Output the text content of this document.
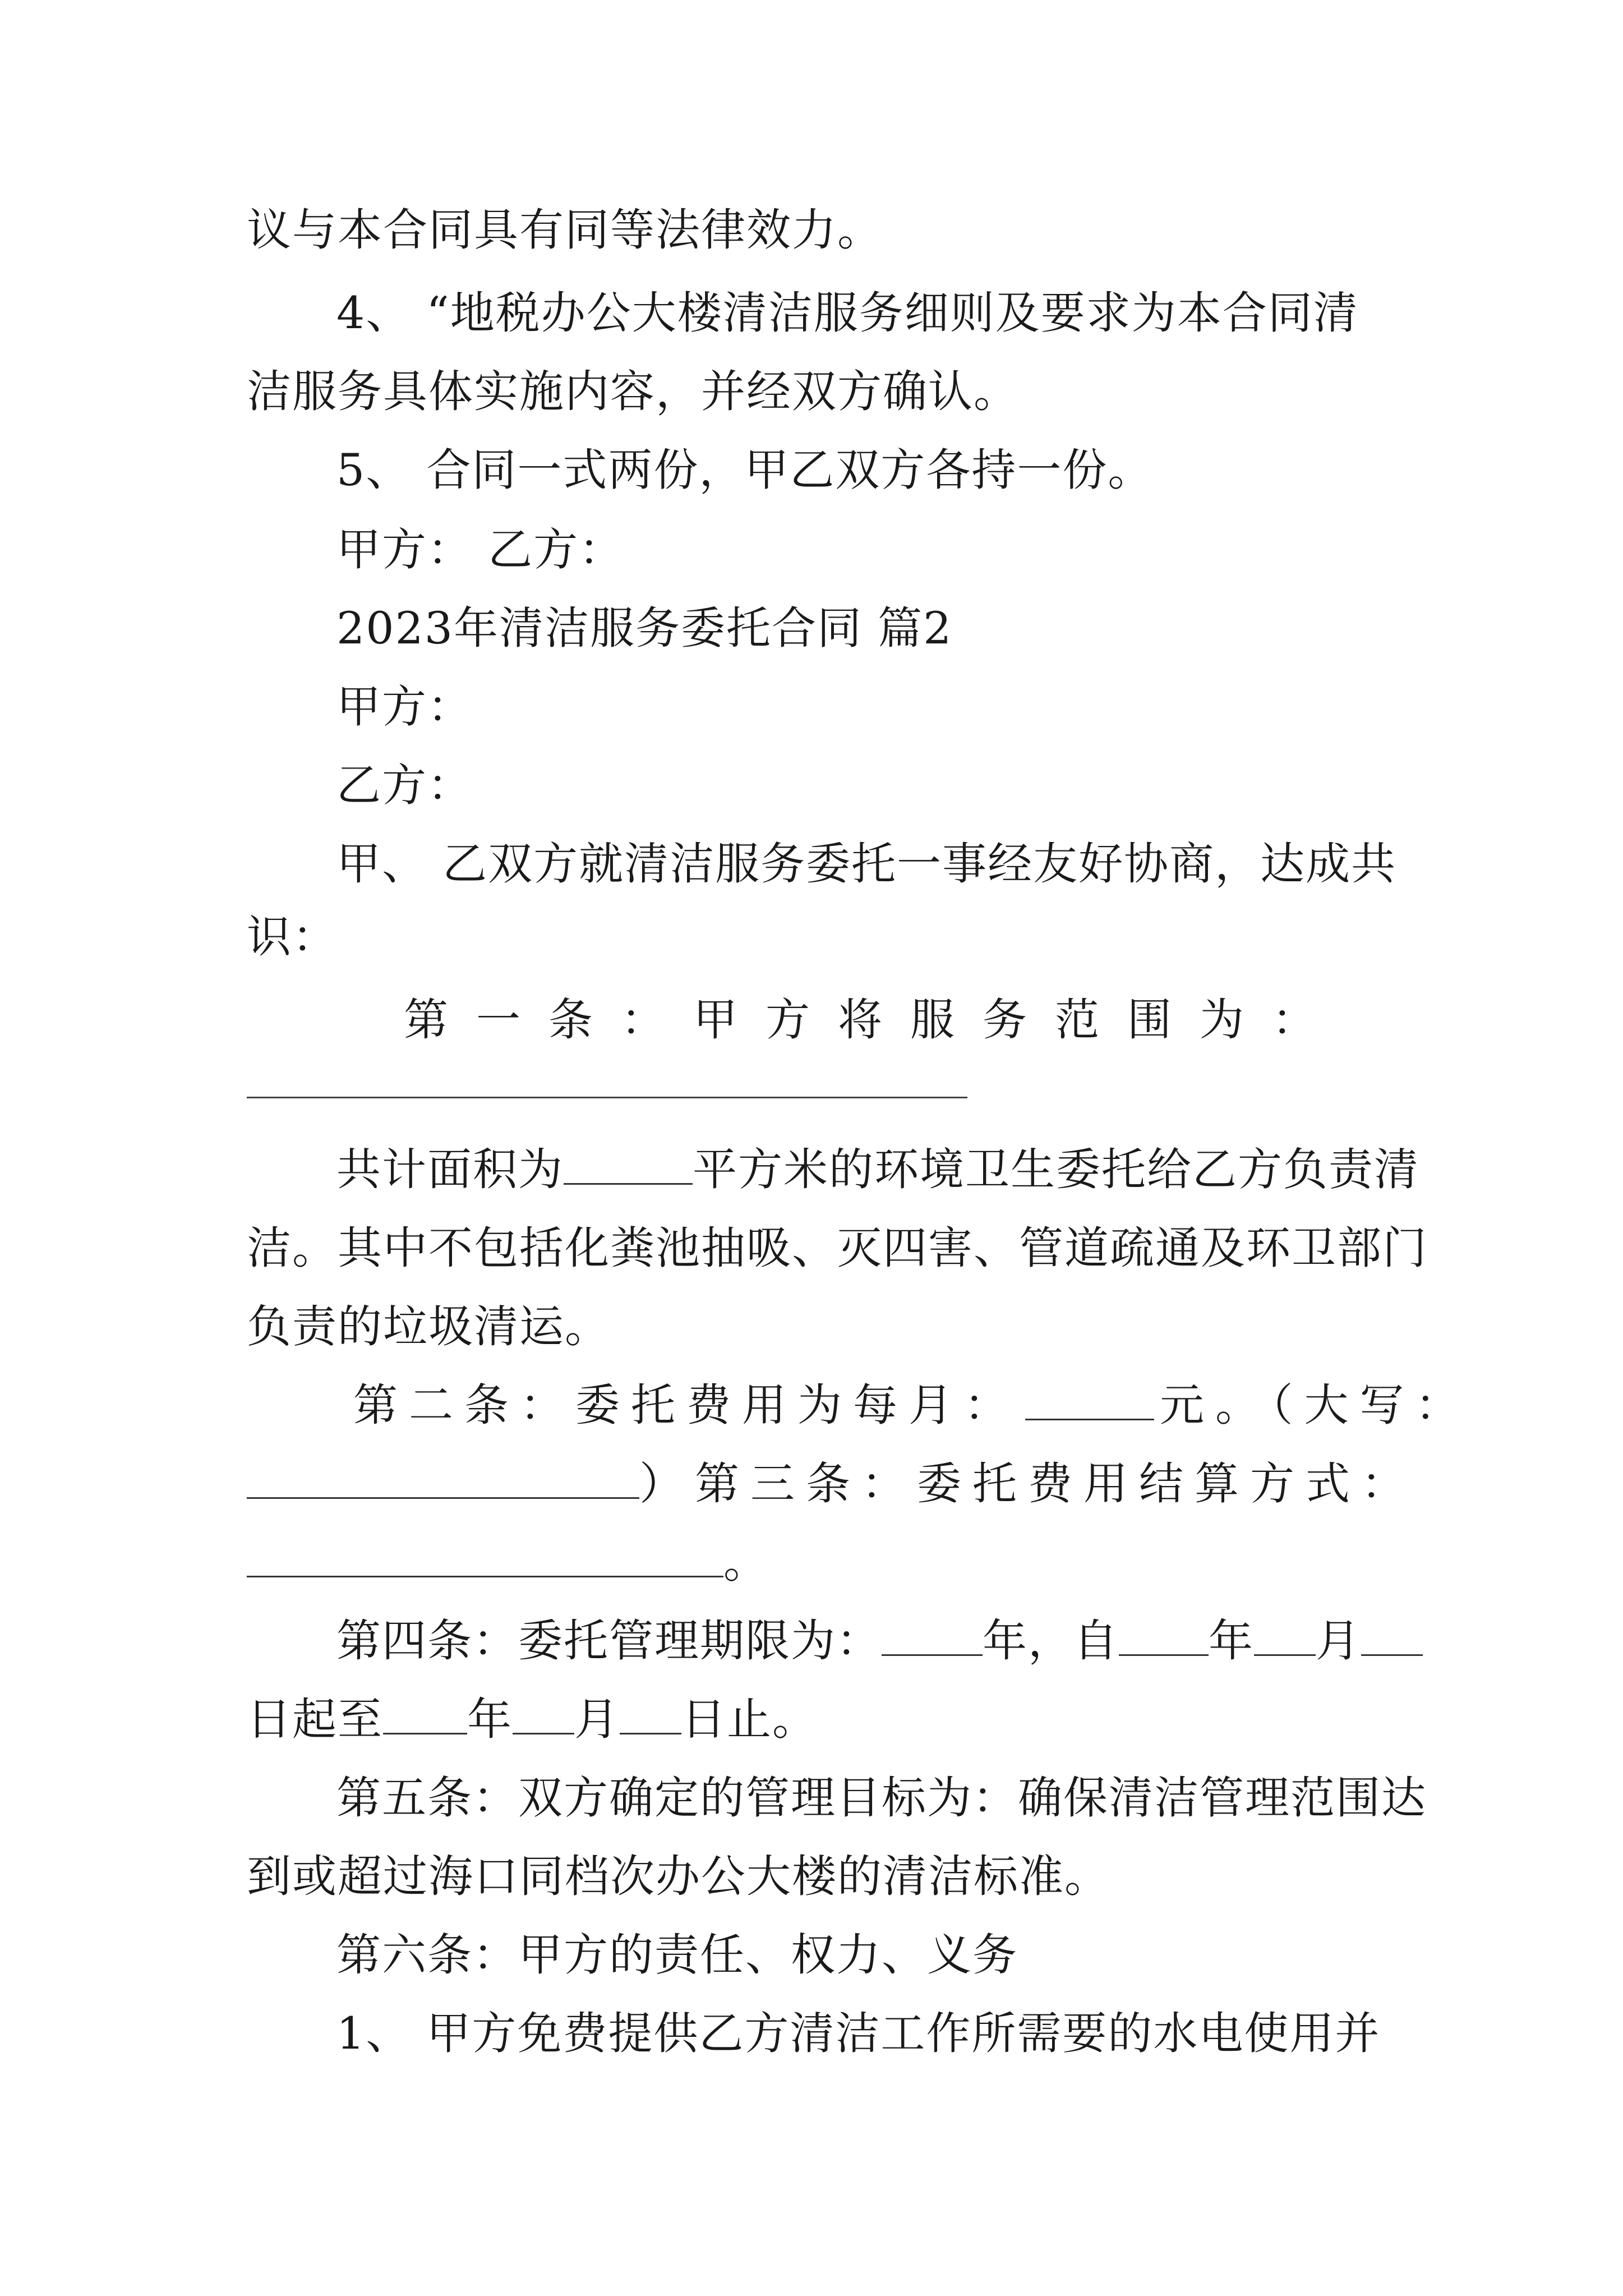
议与本合同具有同等法律效力。
4、 “地税办公大楼清洁服务细则及要求为本合同清
洁服务具体实施内容，并经双方确认。
5、 合同一式两份，甲乙双方各持一份。
甲方： 乙方：
2023年清洁服务委托合同 篇2
甲方：
乙方：
甲、 乙双方就清洁服务委托一事经友好协商，达成共
识：
第一条：甲方将服务范围为：
共计面积为	平方米的环境卫生委托给乙方负责清
洁。其中不包括化粪池抽吸、灭四害、管道疏通及环卫部门
负责的垃圾清运。
第二条：委托费用为每月：	元。（大写：
）第三条：委托费用结算方式：
。
第四条：委托管理期限为： 年，自 年 月
日起至 年 月 日止。
第五条：双方确定的管理目标为：确保清洁管理范围达
到或超过海口同档次办公大楼的清洁标准。
第六条：甲方的责任、权力、义务
1、 甲方免费提供乙方清洁工作所需要的水电使用并
